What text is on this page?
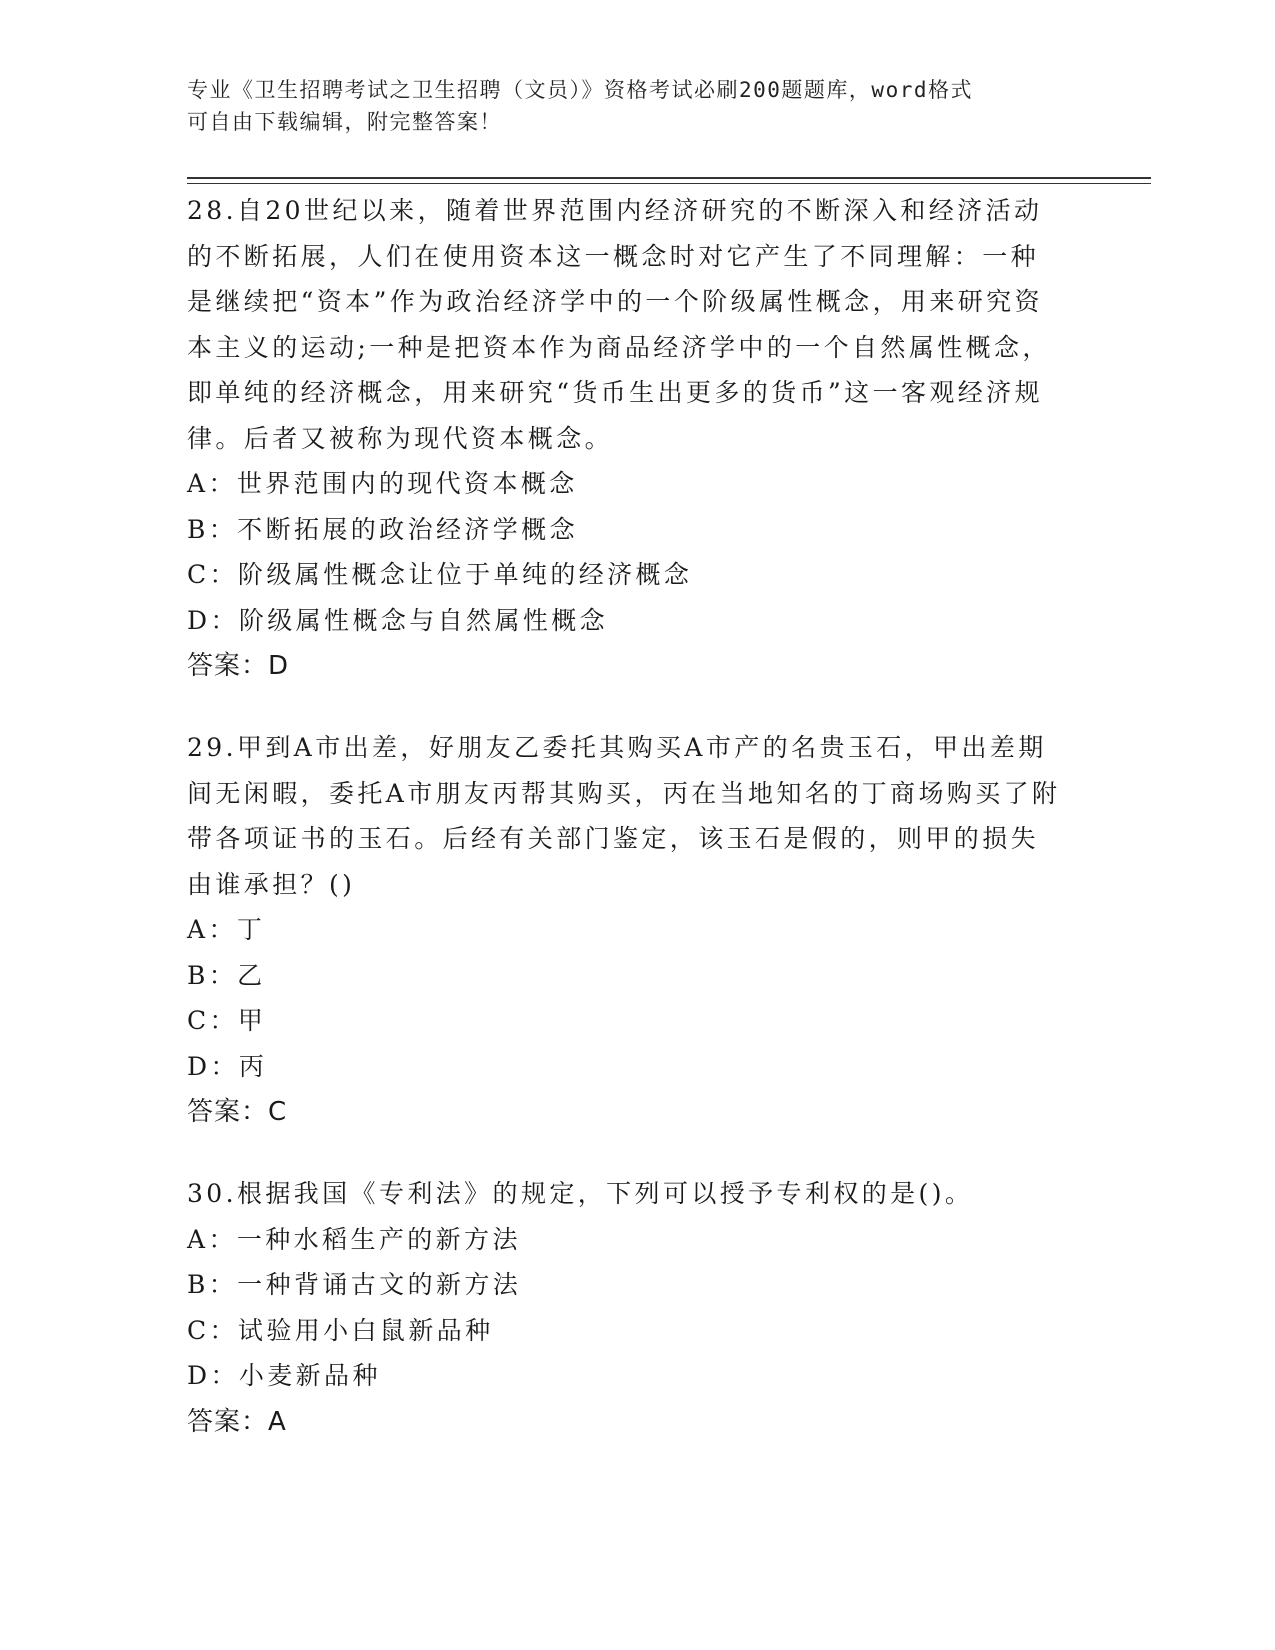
专业《卫生招聘考试之卫生招聘（文员）》资格考试必刷200题题库，word格式
可自由下载编辑，附完整答案！

28.自20世纪以来，随着世界范围内经济研究的不断深入和经济活动的不断拓展，人们在使用资本这一概念时对它产生了不同理解：一种是继续把“资本”作为政治经济学中的一个阶级属性概念，用来研究资本主义的运动;一种是把资本作为商品经济学中的一个自然属性概念，即单纯的经济概念，用来研究“货币生出更多的货币”这一客观经济规律。后者又被称为现代资本概念。

A：世界范围内的现代资本概念

B：不断拓展的政治经济学概念

C：阶级属性概念让位于单纯的经济概念

D：阶级属性概念与自然属性概念

答案：D

29.甲到A市出差，好朋友乙委托其购买A市产的名贵玉石，甲出差期间无闲暇，委托A市朋友丙帮其购买，丙在当地知名的丁商场购买了附带各项证书的玉石。后经有关部门鉴定，该玉石是假的，则甲的损失由谁承担？()

A：丁

B：乙

C：甲

D：丙

答案：C

30.根据我国《专利法》的规定，下列可以授予专利权的是()。

A：一种水稻生产的新方法

B：一种背诵古文的新方法

C：试验用小白鼠新品种

D：小麦新品种

答案：A
